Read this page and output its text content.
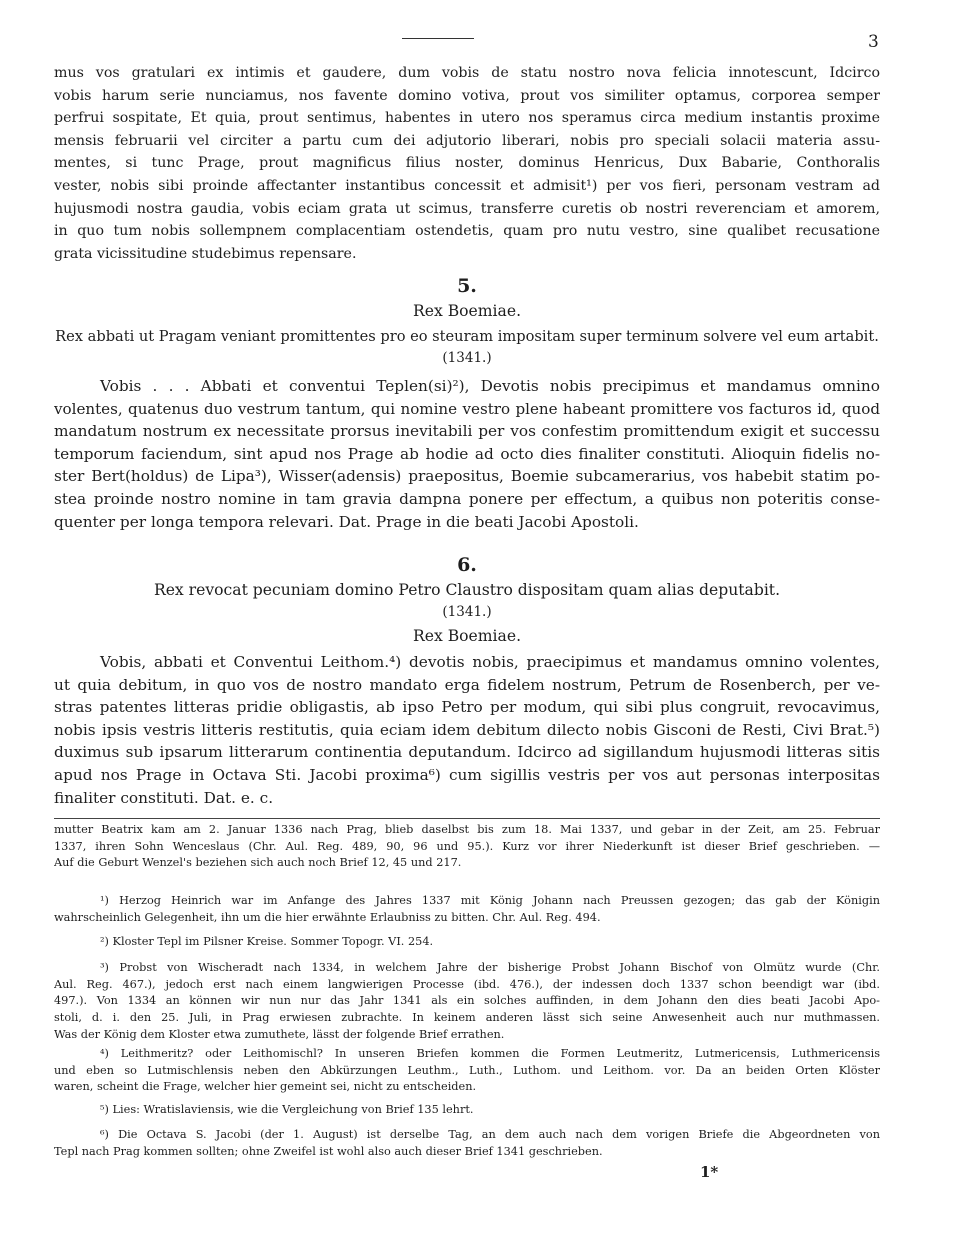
3
mus vos gratulari ex intimis et gaudere, dum vobis de statu nostro nova felicia innotescunt, Idcirco
vobis harum serie nunciamus, nos favente domino votiva, prout vos similiter optamus, corporea semper
perfrui sospitate, Et quia, prout sentimus, habentes in utero nos speramus circa medium instantis proxime
mensis februarii vel circiter a partu cum dei adjutorio liberari, nobis pro speciali solacii materia assu-
mentes, si tunc Prage, prout magnificus filius noster, dominus Henricus, Dux Babarie, Conthoralis
vester, nobis sibi proinde affectanter instantibus concessit et admisit¹) per vos fieri, personam vestram ad
hujusmodi nostra gaudia, vobis eciam grata ut scimus, transferre curetis ob nostri reverenciam et amorem,
in quo tum nobis sollempnem complacentiam ostendetis, quam pro nutu vestro, sine qualibet recusatione
grata vicissitudine studebimus repensare.
5.
Rex Boemiae.
Rex abbati ut Pragam veniant promittentes pro eo steuram impositam super terminum solvere vel eum artabit.
(1341.)
Vobis . . . Abbati et conventui Teplen(si)²), Devotis nobis precipimus et mandamus omnino
volentes, quatenus duo vestrum tantum, qui nomine vestro plene habeant promittere vos facturos id, quod
mandatum nostrum ex necessitate prorsus inevitabili per vos confestim promittendum exigit et successu
temporum faciendum, sint apud nos Prage ab hodie ad octo dies finaliter constituti. Alioquin fidelis no-
ster Bert(holdus) de Lipa³), Wisser(adensis) praepositus, Boemie subcamerarius, vos habebit statim po-
stea proinde nostro nomine in tam gravia dampna ponere per effectum, a quibus non poteritis conse-
quenter per longa tempora relevari. Dat. Prage in die beati Jacobi Apostoli.
6.
Rex revocat pecuniam domino Petro Claustro dispositam quam alias deputabit.
(1341.)
Rex Boemiae.
Vobis, abbati et Conventui Leithom.⁴) devotis nobis, praecipimus et mandamus omnino volentes,
ut quia debitum, in quo vos de nostro mandato erga fidelem nostrum, Petrum de Rosenberch, per ve-
stras patentes litteras pridie obligastis, ab ipso Petro per modum, qui sibi plus congruit, revocavimus,
nobis ipsis vestris litteris restitutis, quia eciam idem debitum dilecto nobis Gisconi de Resti, Civi Brat.⁵)
duximus sub ipsarum litterarum continentia deputandum. Idcirco ad sigillandum hujusmodi litteras sitis
apud nos Prage in Octava Sti. Jacobi proxima⁶) cum sigillis vestris per vos aut personas interpositas
finaliter constituti. Dat. e. c.
mutter Beatrix kam am 2. Januar 1336 nach Prag, blieb daselbst bis zum 18. Mai 1337, und gebar in der Zeit, am 25. Februar
1337, ihren Sohn Wenceslaus (Chr. Aul. Reg. 489, 90, 96 und 95.). Kurz vor ihrer Niederkunft ist dieser Brief geschrieben. —
Auf die Geburt Wenzel's beziehen sich auch noch Brief 12, 45 und 217.
¹) Herzog Heinrich war im Anfange des Jahres 1337 mit König Johann nach Preussen gezogen; das gab der Königin
wahrscheinlich Gelegenheit, ihn um die hier erwähnte Erlaubniss zu bitten. Chr. Aul. Reg. 494.
²) Kloster Tepl im Pilsner Kreise. Sommer Topogr. VI. 254.
³) Probst von Wischeradt nach 1334, in welchem Jahre der bisherige Probst Johann Bischof von Olmütz wurde (Chr.
Aul. Reg. 467.), jedoch erst nach einem langwierigen Processe (ibd. 476.), der indessen doch 1337 schon beendigt war (ibd.
497.). Von 1334 an können wir nun nur das Jahr 1341 als ein solches auffinden, in dem Johann den dies beati Jacobi Apo-
stoli, d. i. den 25. Juli, in Prag erwiesen zubrachte. In keinem anderen lässt sich seine Anwesenheit auch nur muthmassen.
Was der König dem Kloster etwa zumuthete, lässt der folgende Brief errathen.
⁴) Leithmeritz? oder Leithomischl? In unseren Briefen kommen die Formen Leutmeritz, Lutmericensis, Luthmericensis
und eben so Lutmischlensis neben den Abkürzungen Leuthm., Luth., Luthom. und Leithom. vor. Da an beiden Orten Klöster
waren, scheint die Frage, welcher hier gemeint sei, nicht zu entscheiden.
⁵) Lies: Wratislaviensis, wie die Vergleichung von Brief 135 lehrt.
⁶) Die Octava S. Jacobi (der 1. August) ist derselbe Tag, an dem auch nach dem vorigen Briefe die Abgeordneten von
Tepl nach Prag kommen sollten; ohne Zweifel ist wohl also auch dieser Brief 1341 geschrieben.
1*
